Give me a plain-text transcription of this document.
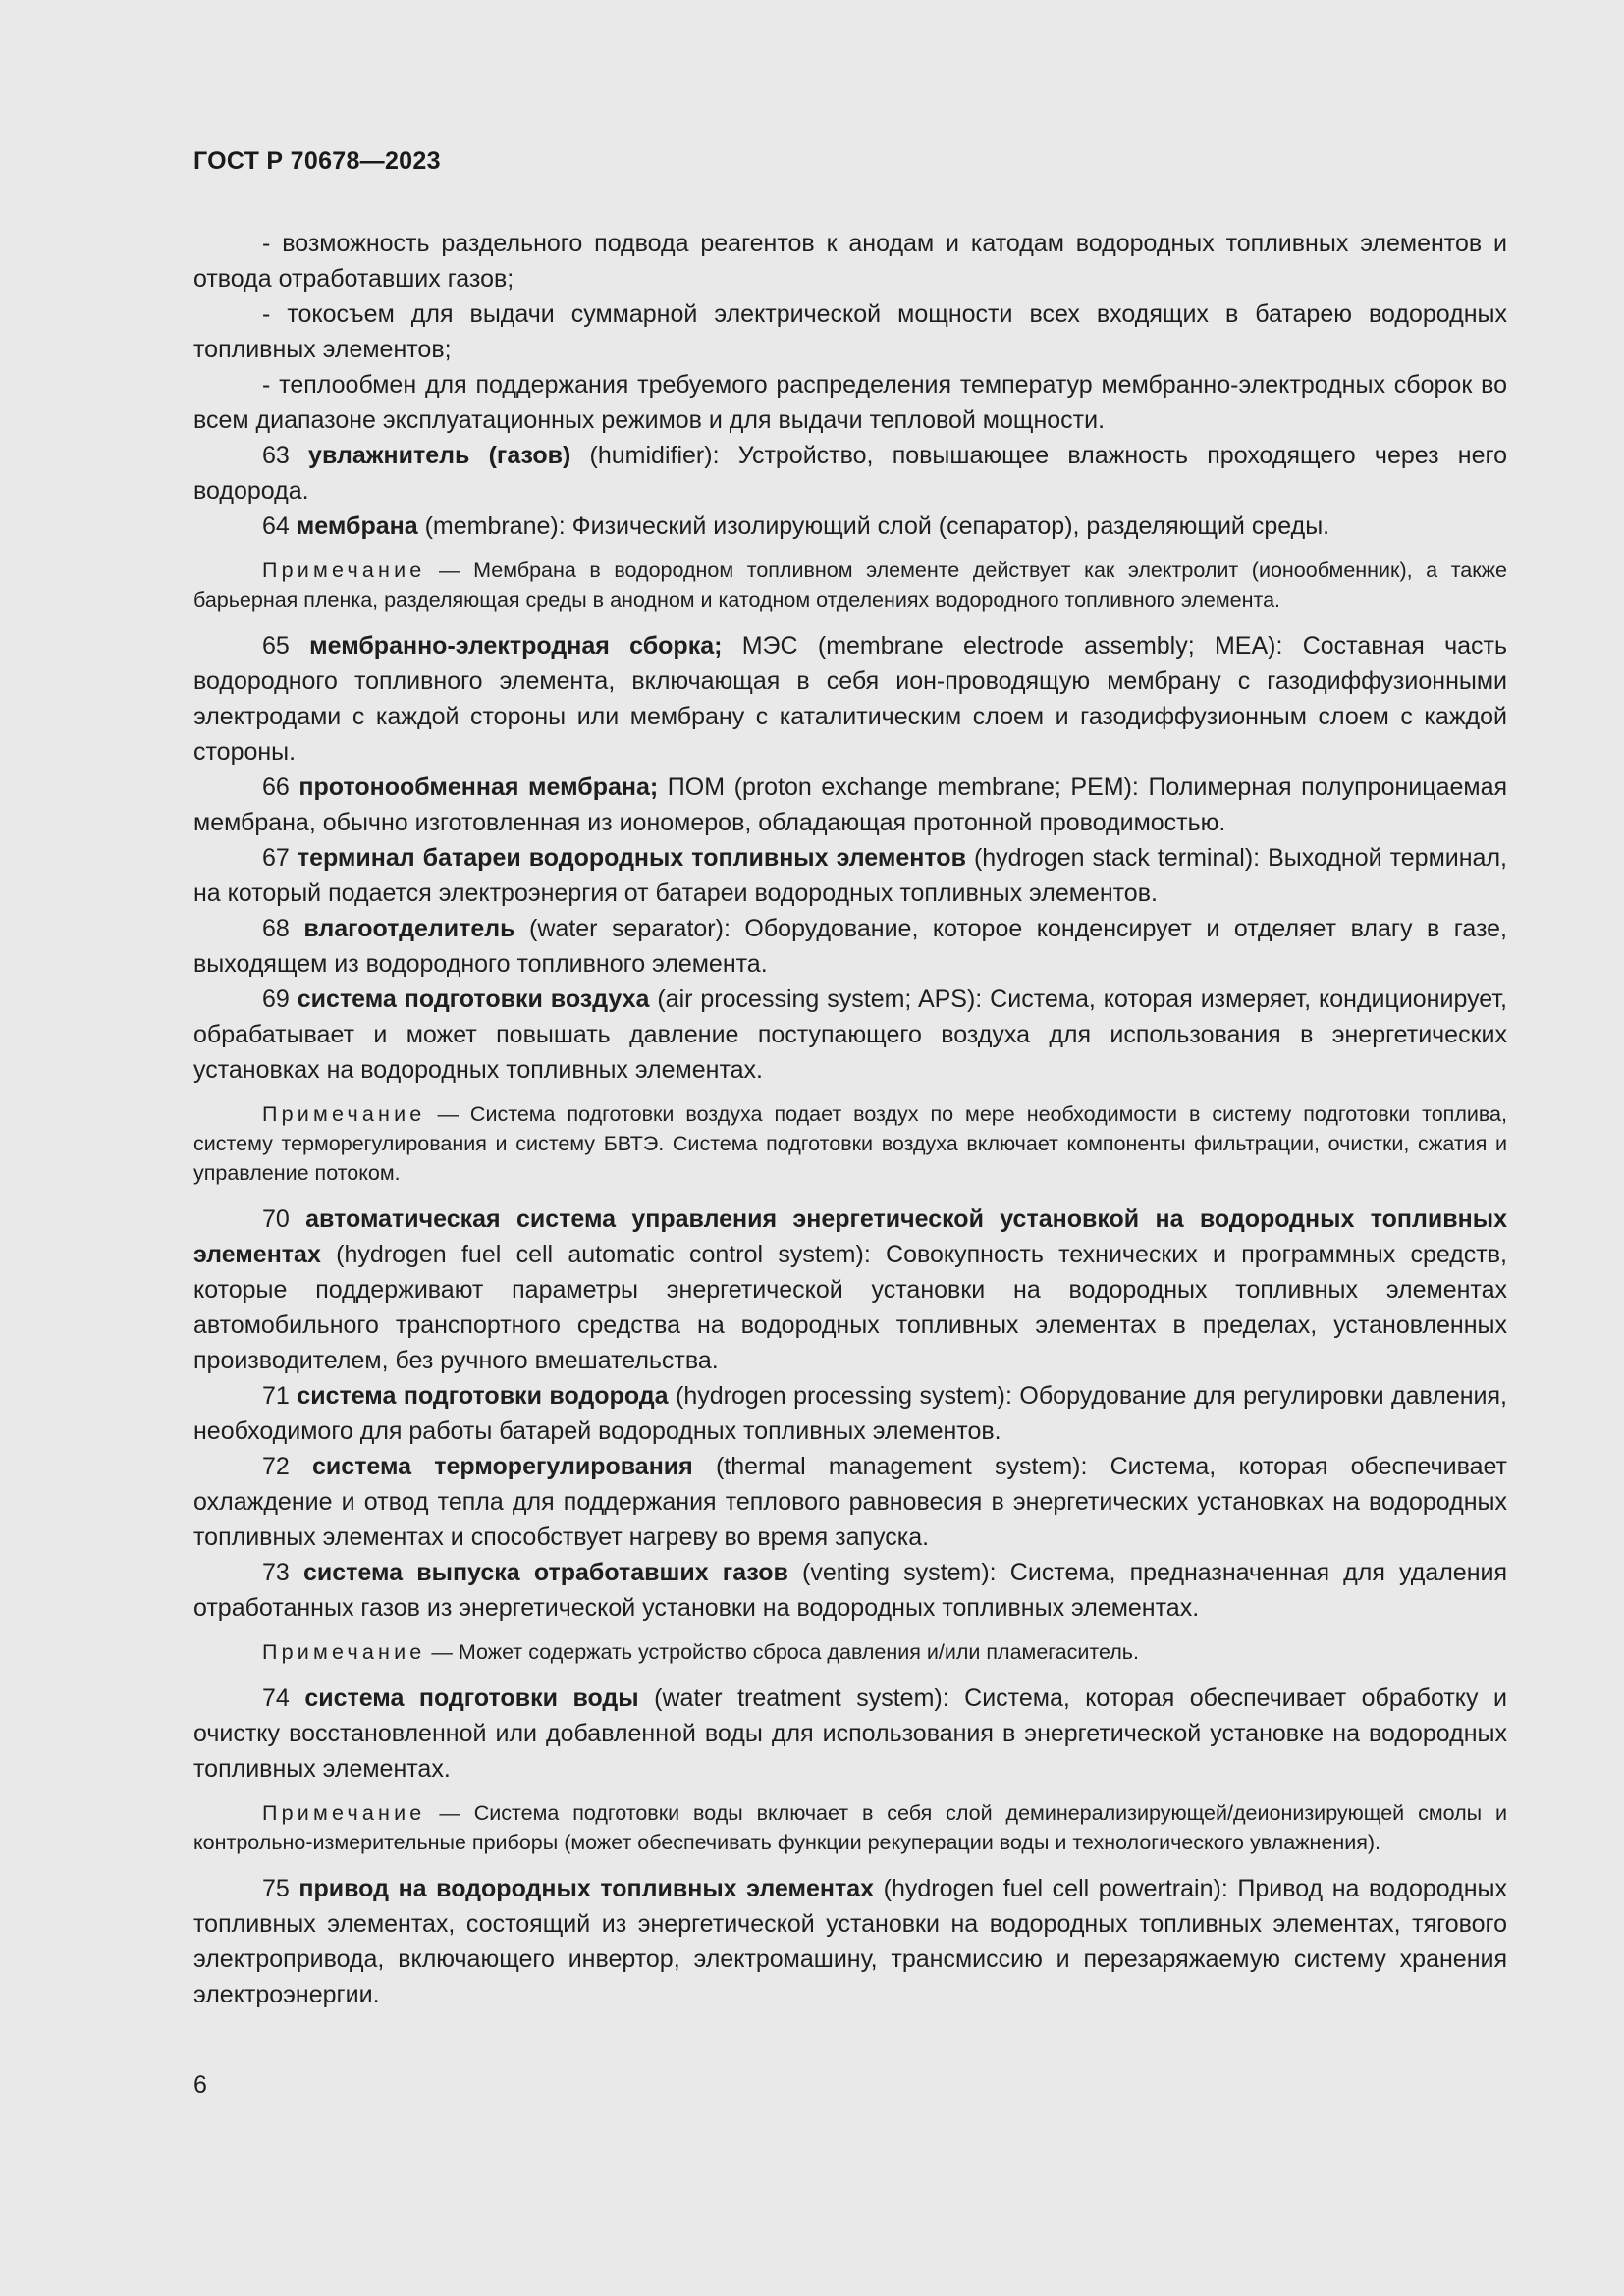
ГОСТ Р 70678—2023

- возможность раздельного подвода реагентов к анодам и катодам водородных топливных элементов и отвода отработавших газов;

- токосъем для выдачи суммарной электрической мощности всех входящих в батарею водородных топливных элементов;

- теплообмен для поддержания требуемого распределения температур мембранно-электродных сборок во всем диапазоне эксплуатационных режимов и для выдачи тепловой мощности.

63 увлажнитель (газов) (humidifier): Устройство, повышающее влажность проходящего через него водорода.

64 мембрана (membrane): Физический изолирующий слой (сепаратор), разделяющий среды.

Примечание — Мембрана в водородном топливном элементе действует как электролит (ионообменник), а также барьерная пленка, разделяющая среды в анодном и катодном отделениях водородного топливного элемента.

65 мембранно-электродная сборка; МЭС (membrane electrode assembly; MEA): Составная часть водородного топливного элемента, включающая в себя ион-проводящую мембрану с газодиффузионными электродами с каждой стороны или мембрану с каталитическим слоем и газодиффузионным слоем с каждой стороны.

66 протонообменная мембрана; ПОМ (proton exchange membrane; PEM): Полимерная полупроницаемая мембрана, обычно изготовленная из иономеров, обладающая протонной проводимостью.

67 терминал батареи водородных топливных элементов (hydrogen stack terminal): Выходной терминал, на который подается электроэнергия от батареи водородных топливных элементов.

68 влагоотделитель (water separator): Оборудование, которое конденсирует и отделяет влагу в газе, выходящем из водородного топливного элемента.

69 система подготовки воздуха (air processing system; APS): Система, которая измеряет, кондиционирует, обрабатывает и может повышать давление поступающего воздуха для использования в энергетических установках на водородных топливных элементах.

Примечание — Система подготовки воздуха подает воздух по мере необходимости в систему подготовки топлива, систему терморегулирования и систему БВТЭ. Система подготовки воздуха включает компоненты фильтрации, очистки, сжатия и управление потоком.

70 автоматическая система управления энергетической установкой на водородных топливных элементах (hydrogen fuel cell automatic control system): Совокупность технических и программных средств, которые поддерживают параметры энергетической установки на водородных топливных элементах автомобильного транспортного средства на водородных топливных элементах в пределах, установленных производителем, без ручного вмешательства.

71 система подготовки водорода (hydrogen processing system): Оборудование для регулировки давления, необходимого для работы батарей водородных топливных элементов.

72 система терморегулирования (thermal management system): Система, которая обеспечивает охлаждение и отвод тепла для поддержания теплового равновесия в энергетических установках на водородных топливных элементах и способствует нагреву во время запуска.

73 система выпуска отработавших газов (venting system): Система, предназначенная для удаления отработанных газов из энергетической установки на водородных топливных элементах.

Примечание — Может содержать устройство сброса давления и/или пламегаситель.

74 система подготовки воды (water treatment system): Система, которая обеспечивает обработку и очистку восстановленной или добавленной воды для использования в энергетической установке на водородных топливных элементах.

Примечание — Система подготовки воды включает в себя слой деминерализирующей/деионизирующей смолы и контрольно-измерительные приборы (может обеспечивать функции рекуперации воды и технологического увлажнения).

75 привод на водородных топливных элементах (hydrogen fuel cell powertrain): Привод на водородных топливных элементах, состоящий из энергетической установки на водородных топливных элементах, тягового электропривода, включающего инвертор, электромашину, трансмиссию и перезаряжаемую систему хранения электроэнергии.

6
